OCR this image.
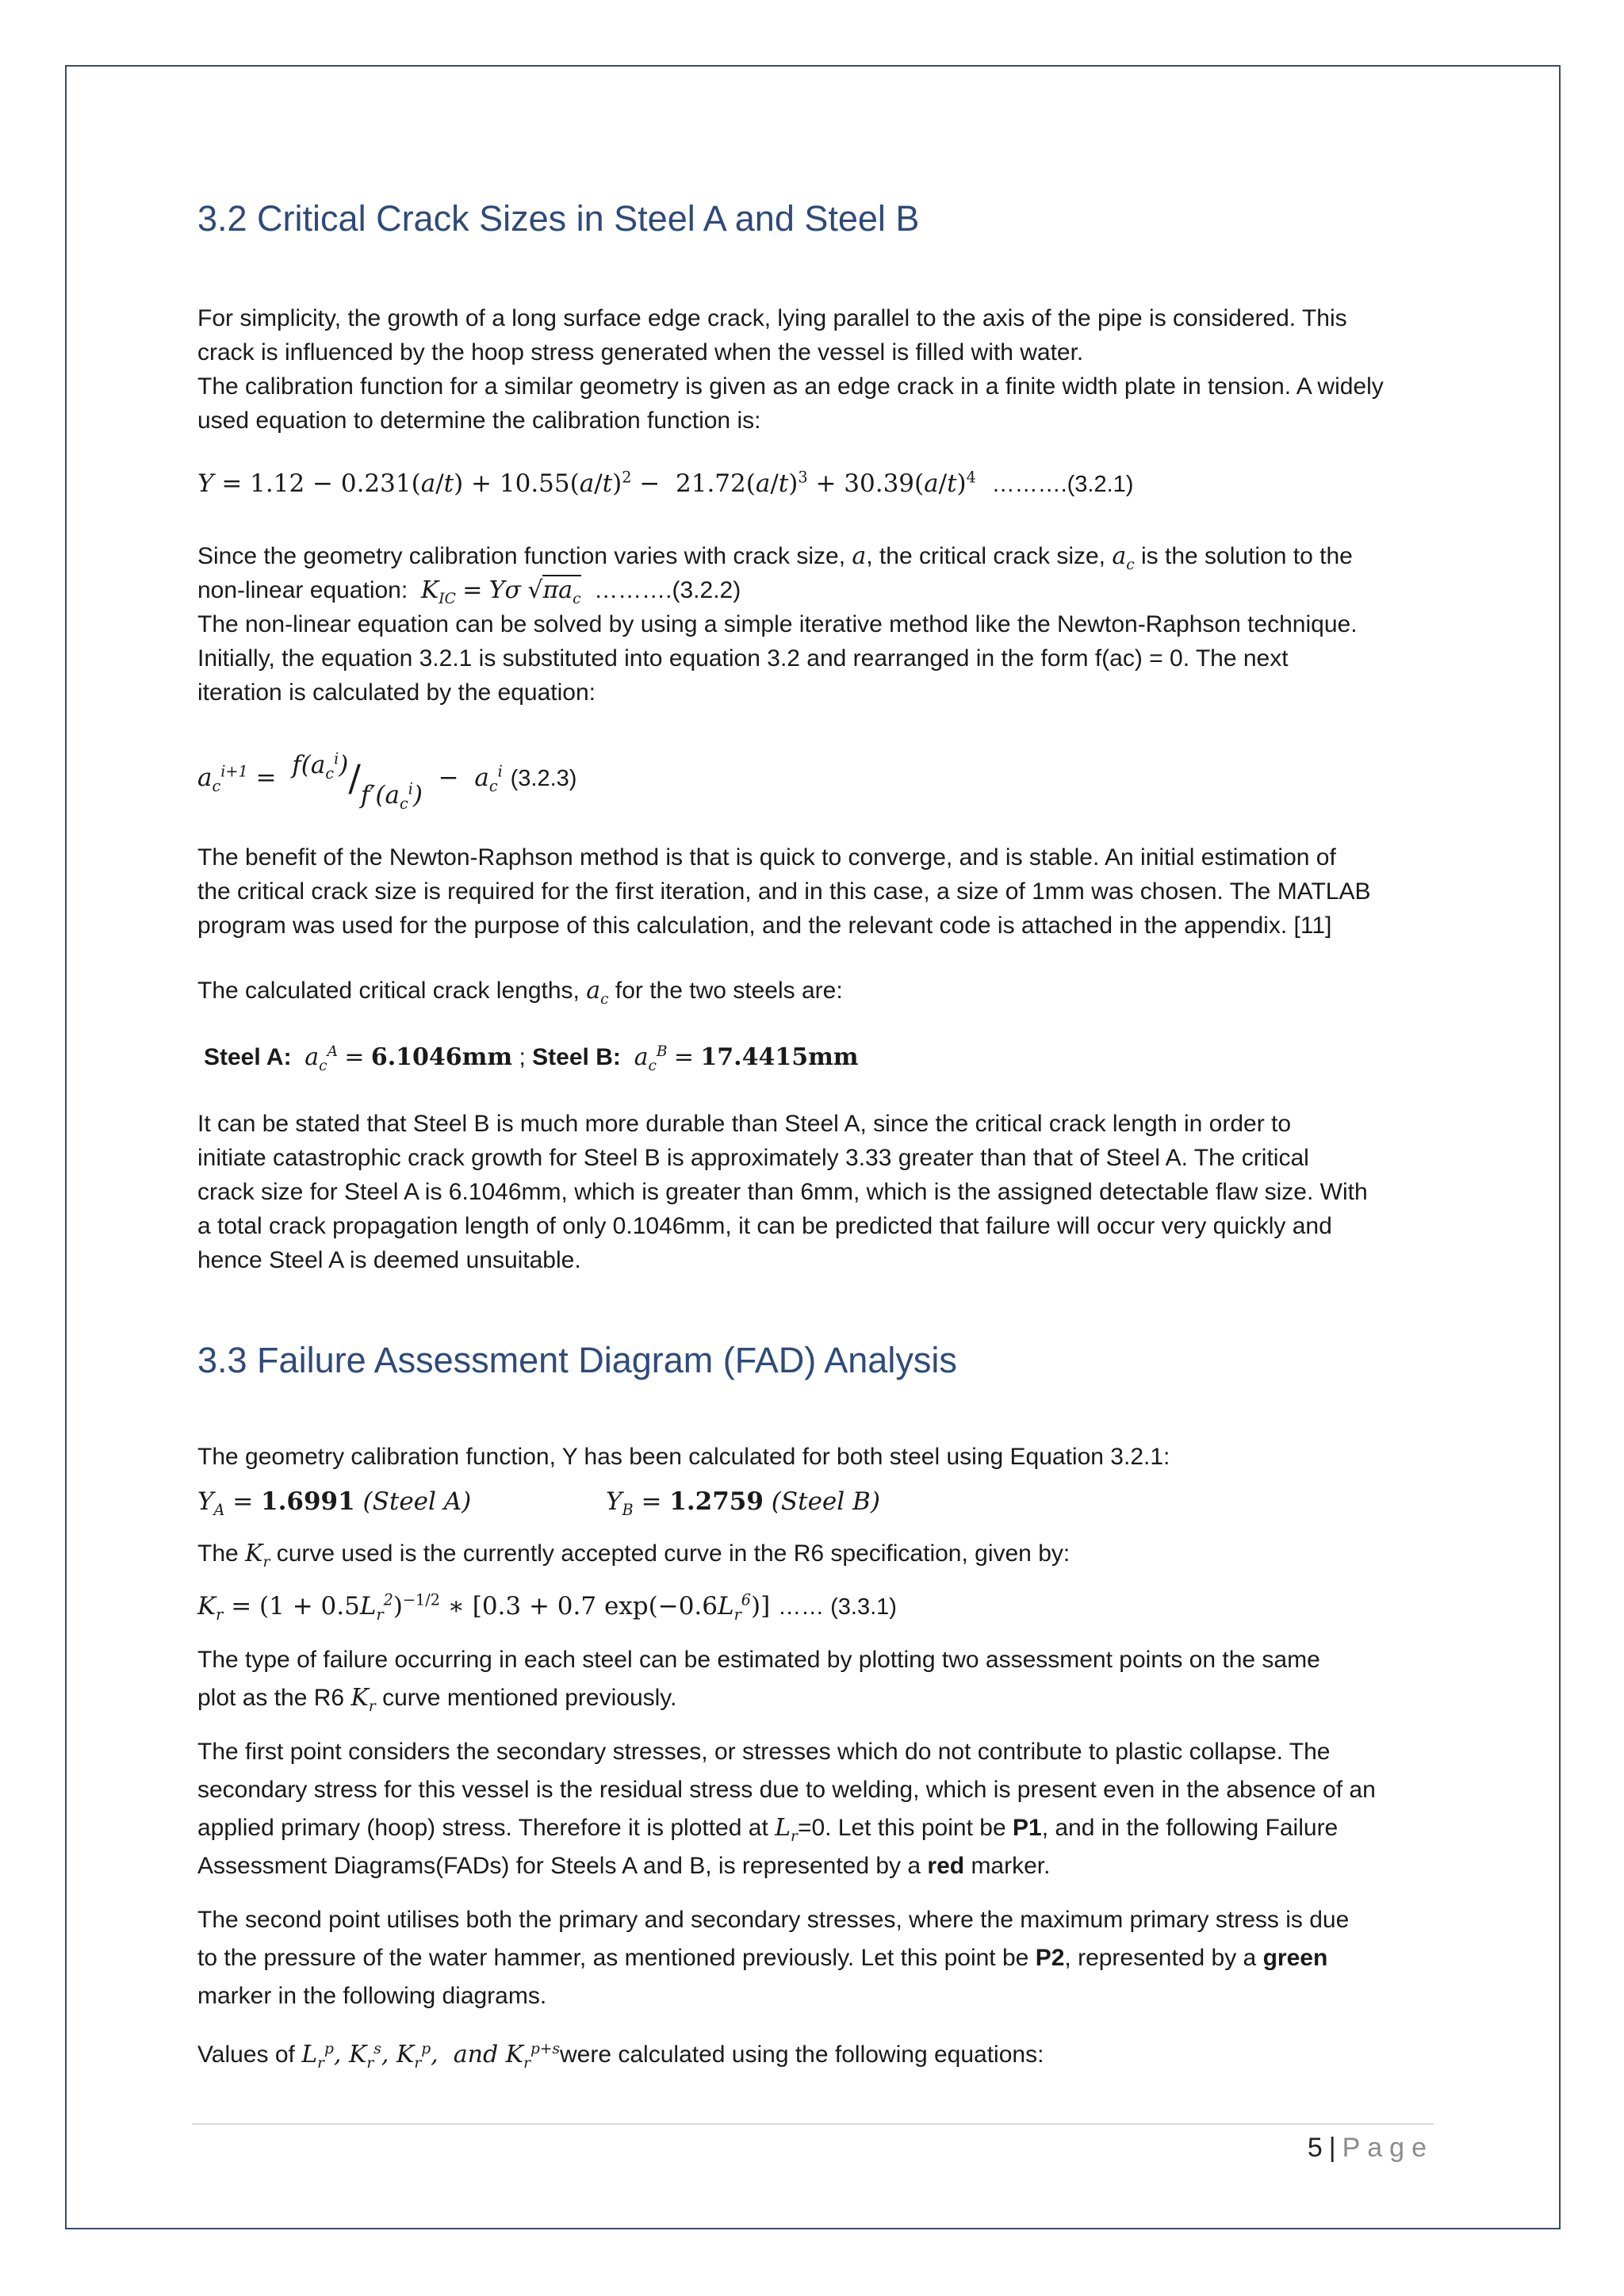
3.2 Critical Crack Sizes in Steel A and Steel B
For simplicity, the growth of a long surface edge crack, lying parallel to the axis of the pipe is considered. This
crack is influenced by the hoop stress generated when the vessel is filled with water.
The calibration function for a similar geometry is given as an edge crack in a finite width plate in tension. A widely
used equation to determine the calibration function is:
$Y = 1.12 - 0.231(a/t) + 10.55(a/t)^2 - 21.72(a/t)^3 + 30.39(a/t)^4$ ……….(3.2.1)
Since the geometry calibration function varies with crack size, a, the critical crack size, $a_c$ is the solution to the
non-linear equation: $K_{IC} = Y\sigma$ $√\pi a_c$ ……….(3.2.2)
The non-linear equation can be solved by using a simple iterative method like the Newton-Raphson technique.
Initially, the equation 3.2.1 is substituted into equation 3.2 and rearranged in the form f(ac) = 0. The next
iteration is calculated by the equation:
$a_c^{i+1} = f(a_c^i)/f'(a_c^i) - a_c^i$ (3.2.3)
The benefit of the Newton-Raphson method is that is quick to converge, and is stable. An initial estimation of
the critical crack size is required for the first iteration, and in this case, a size of 1mm was chosen. The MATLAB
program was used for the purpose of this calculation, and the relevant code is attached in the appendix. [11]
The calculated critical crack lengths, $a_c$ for the two steels are:
Steel A: $a_c^A = 6.1046mm$ ; Steel B: $a_c^B = 17.4415mm$
It can be stated that Steel B is much more durable than Steel A, since the critical crack length in order to
initiate catastrophic crack growth for Steel B is approximately 3.33 greater than that of Steel A. The critical
crack size for Steel A is 6.1046mm, which is greater than 6mm, which is the assigned detectable flaw size. With
a total crack propagation length of only 0.1046mm, it can be predicted that failure will occur very quickly and
hence Steel A is deemed unsuitable.
3.3 Failure Assessment Diagram (FAD) Analysis
The geometry calibration function, Y has been calculated for both steel using Equation 3.2.1:
$Y_A = 1.6991$ (Steel A)	$Y_B = 1.2759$ (Steel B)
The $K_r$ curve used is the currently accepted curve in the R6 specification, given by:
$K_r = (1 + 0.5L_r^2)^{-1/2}$ ∗ [0.3 + 0.7 $\exp(-0.6L_r^6)$] …… (3.3.1)
The type of failure occurring in each steel can be estimated by plotting two assessment points on the same
plot as the R6 $K_r$ curve mentioned previously.
The first point considers the secondary stresses, or stresses which do not contribute to plastic collapse. The
secondary stress for this vessel is the residual stress due to welding, which is present even in the absence of an
applied primary (hoop) stress. Therefore it is plotted at $L_r=0$. Let this point be P1, and in the following Failure
Assessment Diagrams(FADs) for Steels A and B, is represented by a red marker.
The second point utilises both the primary and secondary stresses, where the maximum primary stress is due
to the pressure of the water hammer, as mentioned previously. Let this point be P2, represented by a green
marker in the following diagrams.
Values of $L_r^p$, $K_r^s$, $K_r^p$,  and $K_r^{p+s}were$ calculated using the following equations:
5 | Page
